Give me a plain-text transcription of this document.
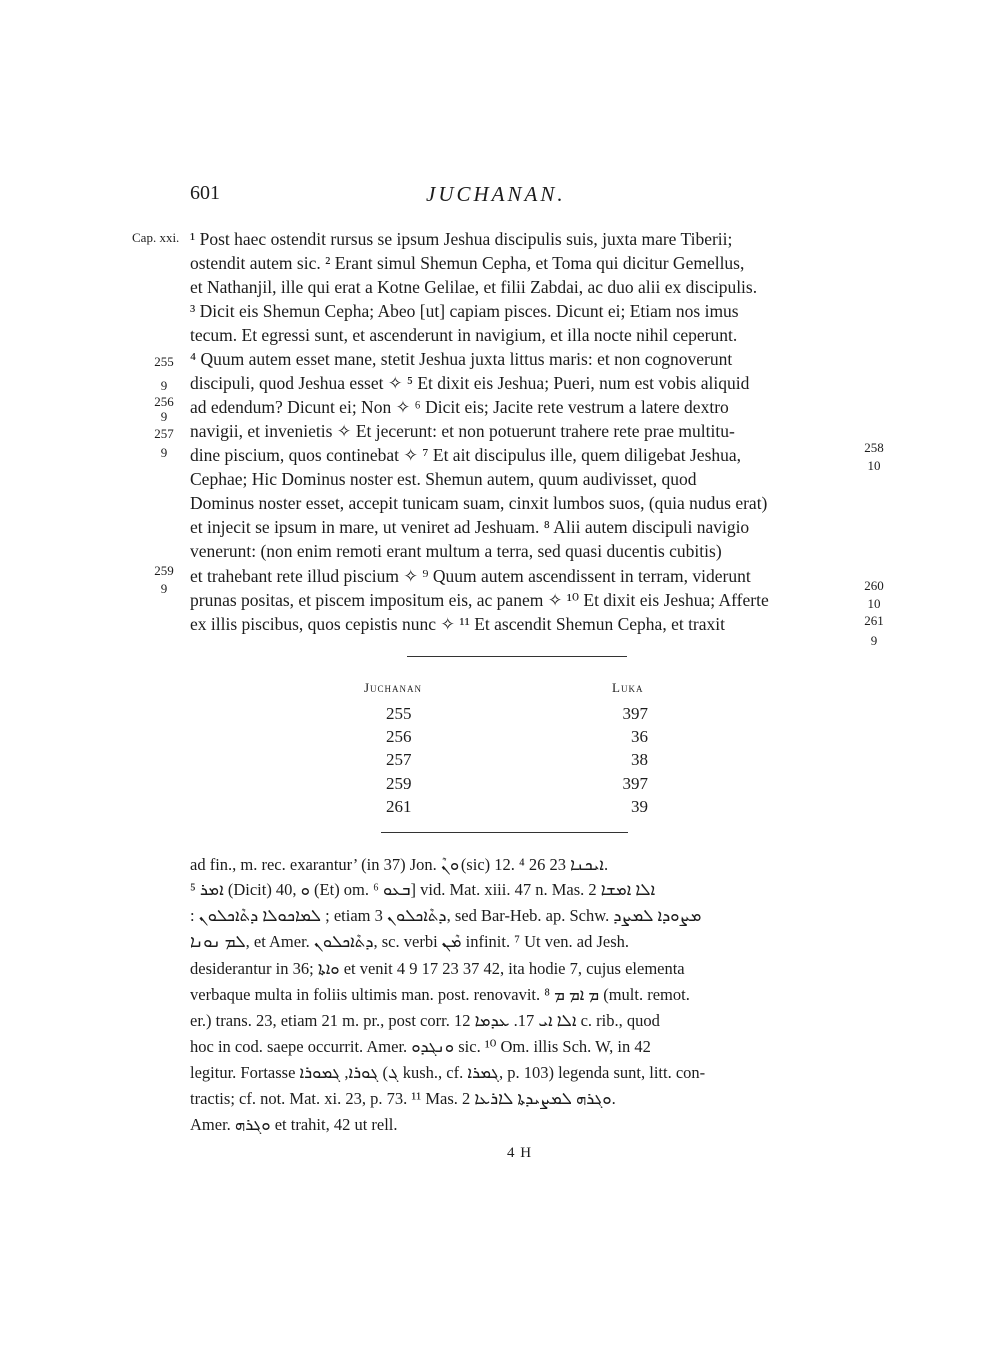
601	JUCHANAN.
Cap. xxi. ¹ Post haec ostendit rursus se ipsum Jeshua discipulis suis, juxta mare Tiberii;
ostendit autem sic. ² Erant simul Shemun Cepha, et Toma qui dicitur Gemellus,
et Nathanjil, ille qui erat a Kotne Gelilae, et filii Zabdai, ac duo alii ex discipulis.
³ Dicit eis Shemun Cepha; Abeo [ut] capiam pisces. Dicunt ei; Etiam nos imus
tecum. Et egressi sunt, et ascenderunt in navigium, et illa nocte nihil ceperunt.
⁴ Quum autem esset mane, stetit Jeshua juxta littus maris: et non cognoverunt
discipuli, quod Jeshua esset ✧ ⁵ Et dixit eis Jeshua; Pueri, num est vobis aliquid
ad edendum? Dicunt ei; Non ✧ ⁶ Dicit eis; Jacite rete vestrum a latere dextro
navigii, et invenietis ✧ Et jecerunt: et non potuerunt trahere rete prae multitu-
dine piscium, quos continebat ✧ ⁷ Et ait discipulus ille, quem diligebat Jeshua,
Cephae; Hic Dominus noster est. Shemun autem, quum audivisset, quod
Dominus noster esset, accepit tunicam suam, cinxit lumbos suos, (quia nudus erat)
et injecit se ipsum in mare, ut veniret ad Jeshuam. ⁸ Alii autem discipuli navigio
venerunt: (non enim remoti erant multum a terra, sed quasi ducentis cubitis)
et trahebant rete illud piscium ✧ ⁹ Quum autem ascendissent in terram, viderunt
prunas positas, et piscem impositum eis, ac panem ✧ ¹⁰ Et dixit eis Jeshua; Afferte
ex illis piscibus, quos cepistis nunc ✧ ¹¹ Et ascendit Shemun Cepha, et traxit
255
9
256
9
257
9
259
9
258
10
260
10
261
9
Juchanan	Luka
255	397
256	36
257	38
259	397
261	39
ad fin., m. rec. exarantur’ (in 37) Jon. ܘܢܶ (sic) 12. ⁴ ܐܝܟܢܐ 23 26.
⁵ ܐܡܪ (Dicit) 40, ܘ (Et) om. ⁶ ܒܥܘ] vid. Mat. xiii. 47 n. Mas. 2 ܐܠܐ ܐܡܫܐ
: ܠܡܐܟܘܠܐ ܕܬܶܐܟܠܘܢ ; etiam 3 ܕܬܶܐܟܠܘܢ, sed Bar-Heb. ap. Schw. ܡܨܘܕܐ ܠܡܨܕ
ܠܡ ܢܘܢܐ, et Amer. ܕܬܶܐܟܠܘܢ, sc. verbi ܡܶܢ infinit. ⁷ Ut ven. ad Jesh.
desiderantur in 36; ܘܐܬܐ et venit 4 9 17 23 37 42, ita hodie 7, cujus elementa
verbaque multa in foliis ultimis man. post. renovavit. ⁸ ܡ ܐܡ ܡ (mult. remot.
er.) trans. 23, etiam 21 m. pr., post corr. ܐܠܐ ܐܝ 17. ܥܕܡܐ 12 c. rib., quod
hoc in cod. saepe occurrit. Amer. ܘܢܓܕܘ sic. ¹⁰ Om. illis Sch. W, in 42
legitur. Fortasse ܓܘܪܐ, ܓܡܘܪܐ (ܓ kush., cf. ܓܡܪܐ, p. 103) legenda sunt, litt. con-
tractis; cf. not. Mat. xi. 23, p. 73. ¹¹ Mas. 2 ܘܓܪܗ ܠܡܨܝܕܬܐ ܠܐܪܥܐ.
Amer. ܘܓܪܗ et trahit, 42 ut rell.
4 H
